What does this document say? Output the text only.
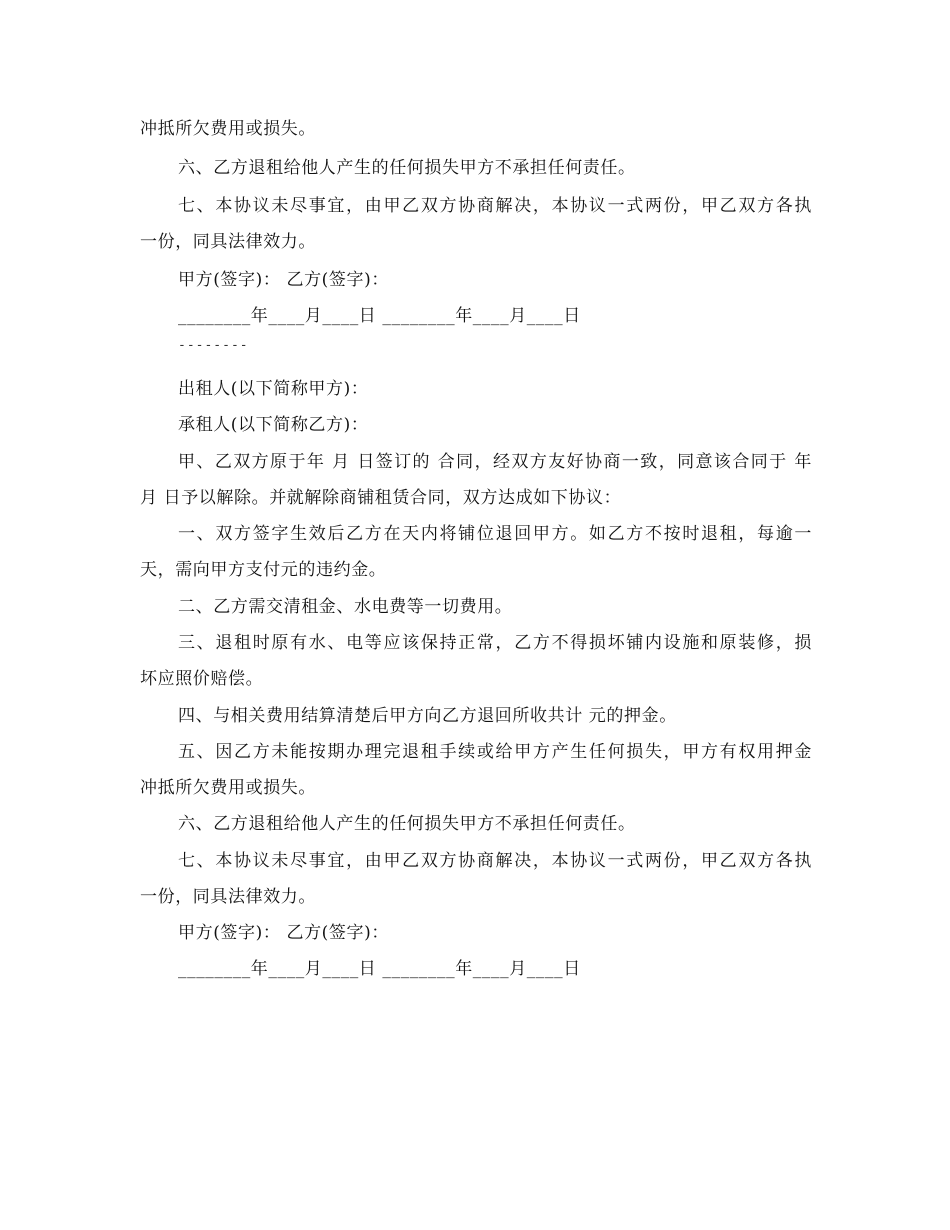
冲抵所欠费用或损失。
六、乙方退租给他人产生的任何损失甲方不承担任何责任。
七、本协议未尽事宜，由甲乙双方协商解决，本协议一式两份，甲乙双方各执
一份，同具法律效力。
甲方(签字)： 乙方(签字)：
________年____月____日 ________年____月____日
--------
出租人(以下简称甲方)：
承租人(以下简称乙方)：
甲、乙双方原于年 月 日签订的 合同，经双方友好协商一致，同意该合同于 年
月 日予以解除。并就解除商铺租赁合同，双方达成如下协议：
一、双方签字生效后乙方在天内将铺位退回甲方。如乙方不按时退租，每逾一
天，需向甲方支付元的违约金。
二、乙方需交清租金、水电费等一切费用。
三、退租时原有水、电等应该保持正常，乙方不得损坏铺内设施和原装修，损
坏应照价赔偿。
四、与相关费用结算清楚后甲方向乙方退回所收共计 元的押金。
五、因乙方未能按期办理完退租手续或给甲方产生任何损失，甲方有权用押金
冲抵所欠费用或损失。
六、乙方退租给他人产生的任何损失甲方不承担任何责任。
七、本协议未尽事宜，由甲乙双方协商解决，本协议一式两份，甲乙双方各执
一份，同具法律效力。
甲方(签字)： 乙方(签字)：
________年____月____日 ________年____月____日
